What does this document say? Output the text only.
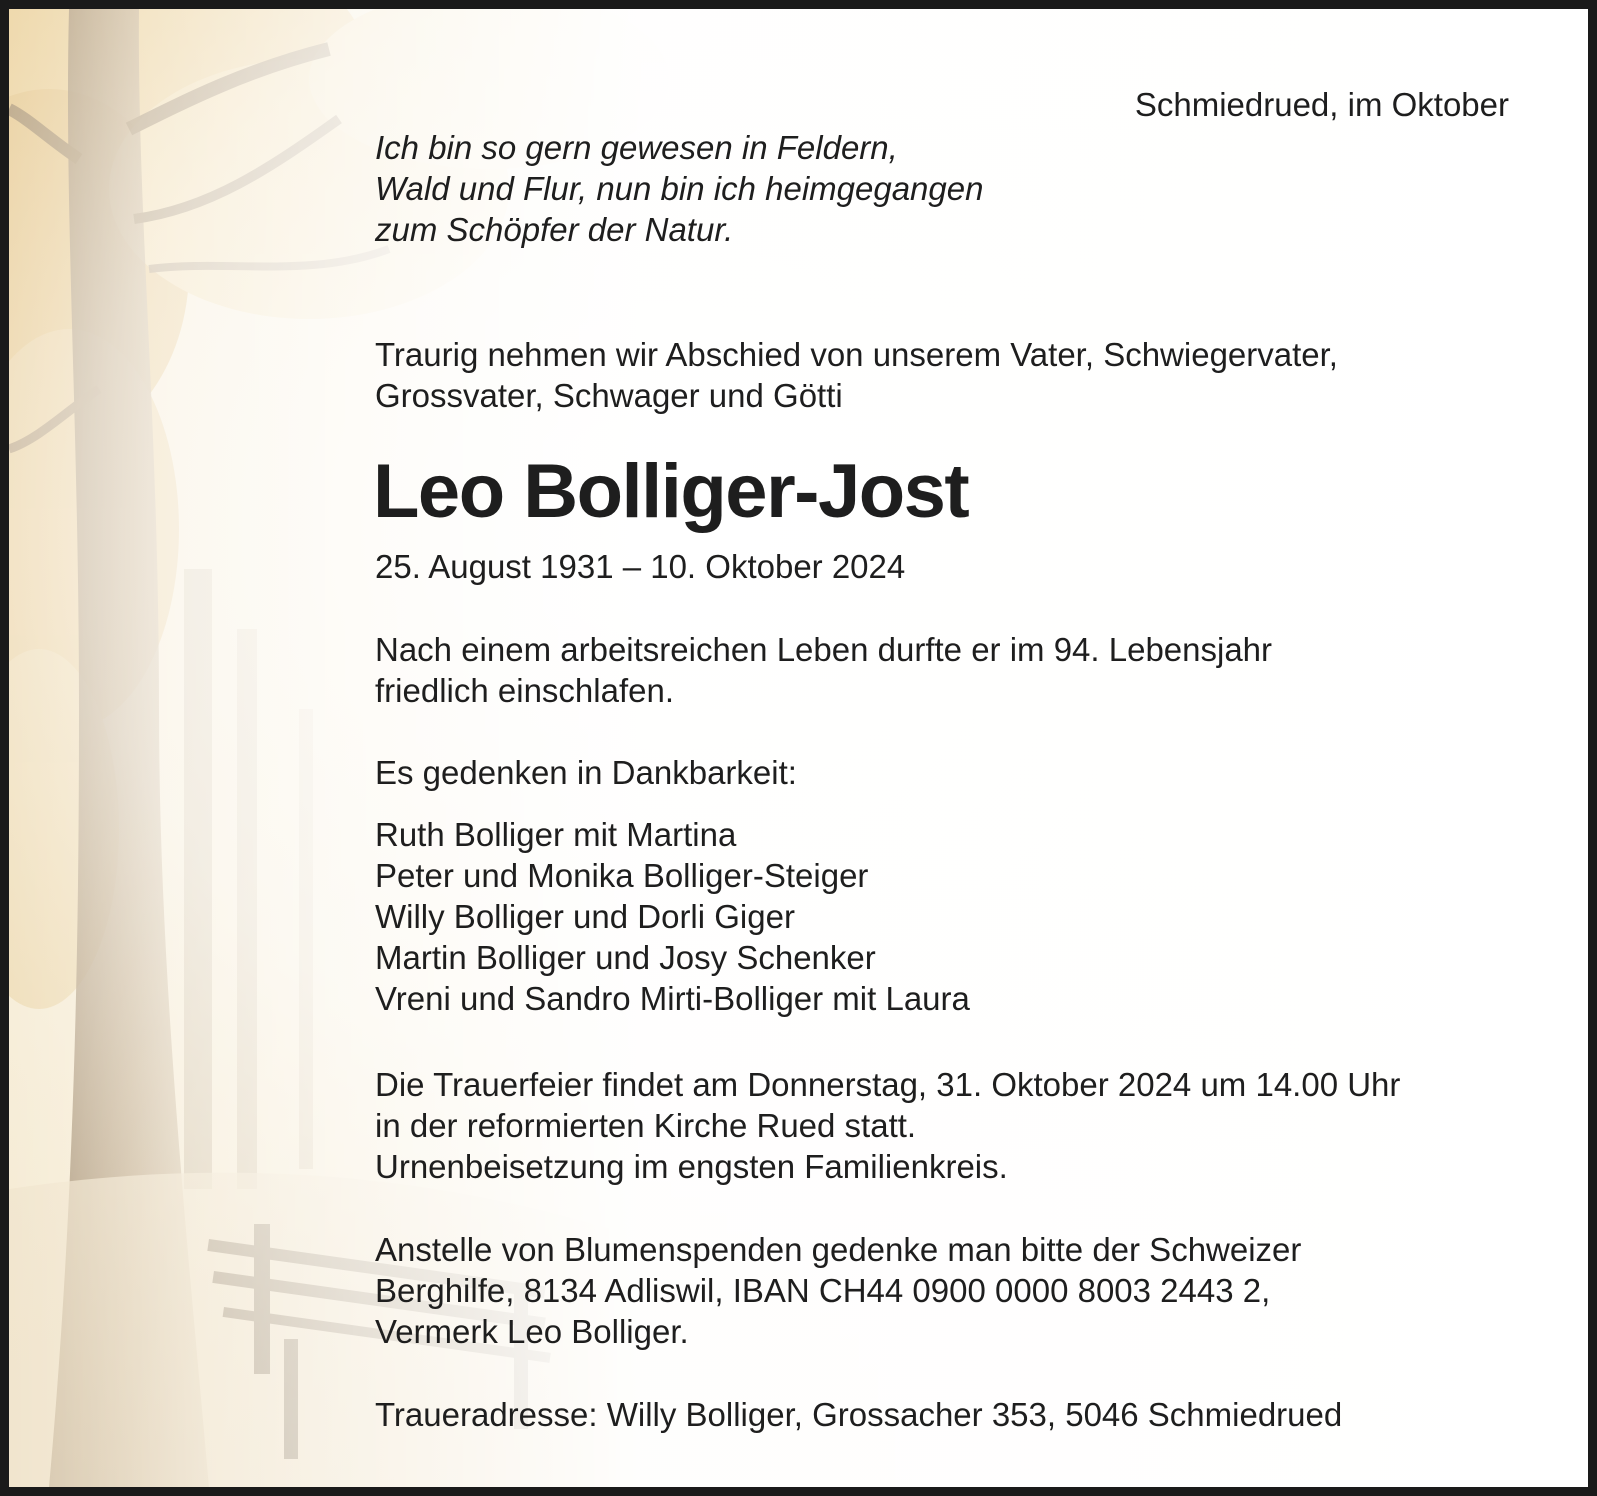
Schmiedrued, im Oktober
Ich bin so gern gewesen in Feldern,
Wald und Flur, nun bin ich heimgegangen
zum Schöpfer der Natur.
Traurig nehmen wir Abschied von unserem Vater, Schwiegervater,
Grossvater, Schwager und Götti
Leo Bolliger-Jost
25. August 1931 – 10. Oktober 2024
Nach einem arbeitsreichen Leben durfte er im 94. Lebensjahr
friedlich einschlafen.
Es gedenken in Dankbarkeit:
Ruth Bolliger mit Martina
Peter und Monika Bolliger-Steiger
Willy Bolliger und Dorli Giger
Martin Bolliger und Josy Schenker
Vreni und Sandro Mirti-Bolliger mit Laura
Die Trauerfeier findet am Donnerstag, 31. Oktober 2024 um 14.00 Uhr
in der reformierten Kirche Rued statt.
Urnenbeisetzung im engsten Familienkreis.
Anstelle von Blumenspenden gedenke man bitte der Schweizer
Berghilfe, 8134 Adliswil, IBAN CH44 0900 0000 8003 2443 2,
Vermerk Leo Bolliger.
Traueradresse: Willy Bolliger, Grossacher 353, 5046 Schmiedrued
